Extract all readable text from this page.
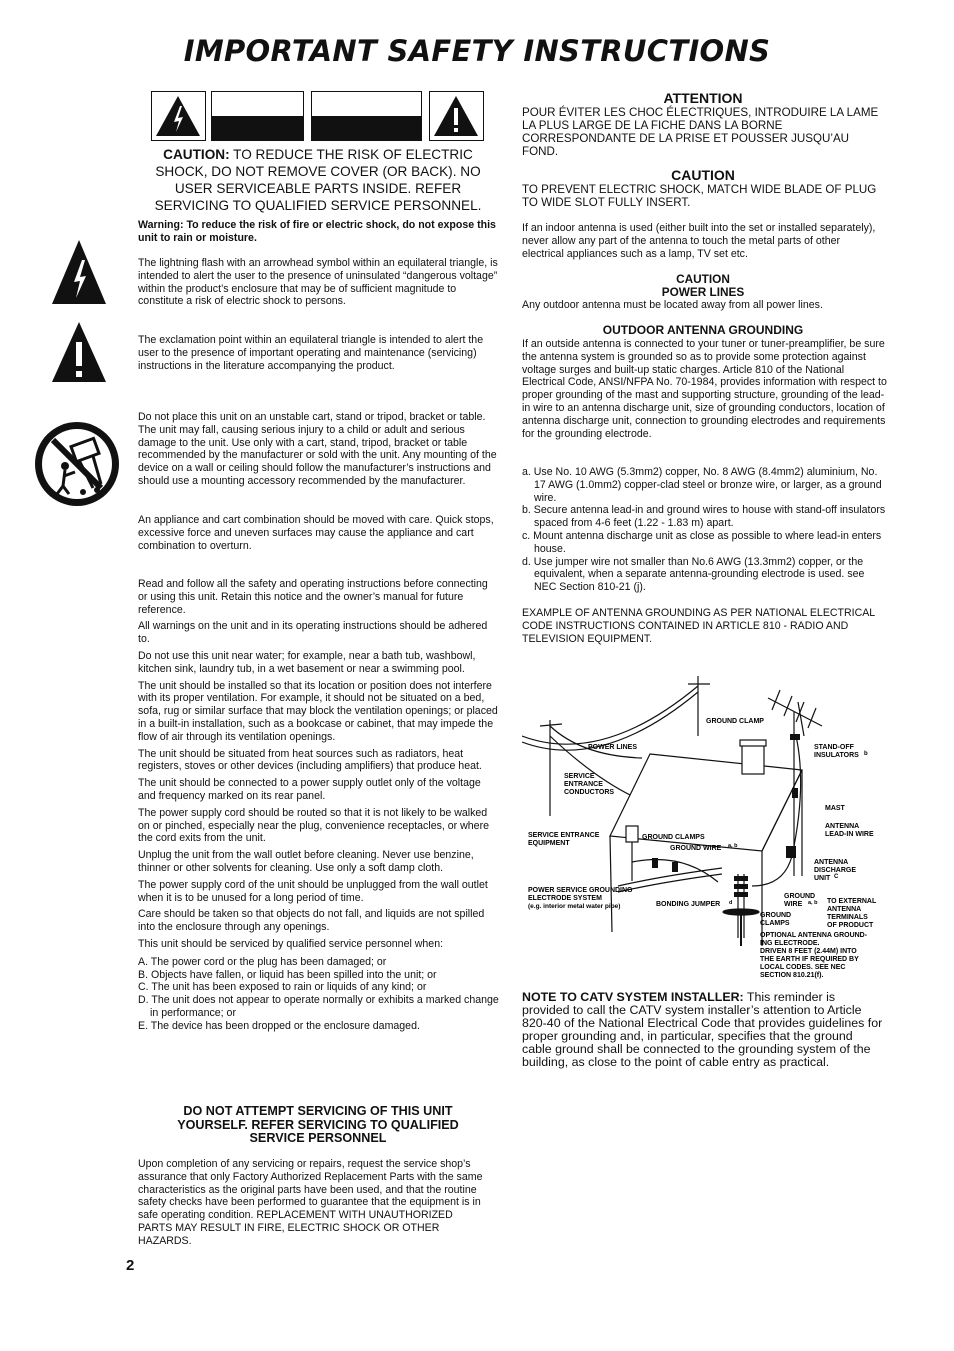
IMPORTANT SAFETY INSTRUCTIONS
CAUTION: TO REDUCE THE RISK OF ELECTRIC SHOCK, DO NOT REMOVE COVER (OR BACK). NO USER SERVICEABLE PARTS INSIDE. REFER SERVICING TO QUALIFIED SERVICE PERSONNEL.

Warning: To reduce the risk of fire or electric shock, do not expose this unit to rain or moisture.

The lightning flash with an arrowhead symbol within an equilateral triangle, is intended to alert the user to the presence of uninsulated “dangerous voltage” within the product’s enclosure that may be of sufficient magnitude to constitute a risk of electric shock to persons.

The exclamation point within an equilateral triangle is intended to alert the user to the presence of important operating and maintenance (servicing) instructions in the literature accompanying the product.

Do not place this unit on an unstable cart, stand or tripod, bracket or table. The unit may fall, causing serious injury to a child or adult and serious damage to the unit. Use only with a cart, stand, tripod, bracket or table recommended by the manufacturer or sold with the unit. Any mounting of the device on a wall or ceiling should follow the manufacturer’s instructions and should use a mounting accessory recommended by the manufacturer.

An appliance and cart combination should be moved with care. Quick stops, excessive force and uneven surfaces may cause the appliance and cart combination to overturn.

Read and follow all the safety and operating instructions before connecting or using this unit. Retain this notice and the owner’s manual for future reference.

All warnings on the unit and in its operating instructions should be adhered to.

Do not use this unit near water; for example, near a bath tub, washbowl, kitchen sink, laundry tub, in a wet basement or near a swimming pool.

The unit should be installed so that its location or position does not interfere with its proper ventilation. For example, it should not be situated on a bed, sofa, rug or similar surface that may block the ventilation openings; or placed in a built-in installation, such as a bookcase or cabinet, that may impede the flow of air through its ventilation openings.

The unit should be situated from heat sources such as radiators, heat registers, stoves or other devices (including amplifiers) that produce heat.

The unit should be connected to a power supply outlet only of the voltage and frequency marked on its rear panel.

The power supply cord should be routed so that it is not likely to be walked on or pinched, especially near the plug, convenience receptacles, or where the cord exits from the unit.

Unplug the unit from the wall outlet before cleaning. Never use benzine, thinner or other solvents for cleaning. Use only a soft damp cloth.

The power supply cord of the unit should be unplugged from the wall outlet when it is to be unused for a long period of time.

Care should be taken so that objects do not fall, and liquids are not spilled into the enclosure through any openings.

This unit should be serviced by qualified service personnel when:

A. The power cord or the plug has been damaged; or
B. Objects have fallen, or liquid has been spilled into the unit; or
C. The unit has been exposed to rain or liquids of any kind; or
D. The unit does not appear to operate normally or exhibits a marked change in performance; or
E. The device has been dropped or the enclosure damaged.

DO NOT ATTEMPT SERVICING OF THIS UNIT YOURSELF. REFER SERVICING TO QUALIFIED SERVICE PERSONNEL

Upon completion of any servicing or repairs, request the service shop’s assurance that only Factory Authorized Replacement Parts with the same characteristics as the original parts have been used, and that the routine safety checks have been performed to guarantee that the equipment is in safe operating condition. REPLACEMENT WITH UNAUTHORIZED PARTS MAY RESULT IN FIRE, ELECTRIC SHOCK OR OTHER HAZARDS.

2
ATTENTION

POUR ÉVITER LES CHOC ÉLECTRIQUES, INTRODUIRE LA LAME LA PLUS LARGE DE LA FICHE DANS LA BORNE CORRESPONDANTE DE LA PRISE ET POUSSER JUSQU’AU FOND.

CAUTION

TO PREVENT ELECTRIC SHOCK, MATCH WIDE BLADE OF PLUG TO WIDE SLOT FULLY INSERT.

If an indoor antenna is used (either built into the set or installed separately), never allow any part of the antenna to touch the metal parts of other electrical appliances such as a lamp, TV set etc.

CAUTION
POWER LINES

Any outdoor antenna must be located away from all power lines.

OUTDOOR ANTENNA GROUNDING

If an outside antenna is connected to your tuner or tuner-preamplifier, be sure the antenna system is grounded so as to provide some protection against voltage surges and built-up static charges. Article 810 of the National Electrical Code, ANSI/NFPA No. 70-1984, provides information with respect to proper grounding of the mast and supporting structure, grounding of the lead-in wire to an antenna discharge unit, size of grounding conductors, location of antenna discharge unit, connection to grounding electrodes and requirements for the grounding electrode.

a. Use No. 10 AWG (5.3mm2) copper, No. 8 AWG (8.4mm2) aluminium, No. 17 AWG (1.0mm2) copper-clad steel or bronze wire, or larger, as a ground wire.
b. Secure antenna lead-in and ground wires to house with stand-off insulators spaced from 4-6 feet (1.22 - 1.83 m) apart.
c. Mount antenna discharge unit as close as possible to where lead-in enters house.
d. Use jumper wire not smaller than No.6 AWG (13.3mm2) copper, or the equivalent, when a separate antenna-grounding electrode is used. see NEC Section 810-21 (j).

EXAMPLE OF ANTENNA GROUNDING AS PER NATIONAL ELECTRICAL CODE INSTRUCTIONS CONTAINED IN ARTICLE 810 - RADIO AND TELEVISION EQUIPMENT.

GROUND CLAMP
POWER LINES	STAND-OFF
INSULATORS b
SERVICE
ENTRANCE
CONDUCTORS
MAST
SERVICE ENTRANCE
EQUIPMENT
GROUND CLAMPS
GROUND WIRE a, b
ANTENNA
LEAD-IN WIRE
ANTENNA
DISCHARGE
UNIT C
POWER SERVICE GROUNDING
ELECTRODE SYSTEM
(e.g. interior metal water pipe)	BONDING JUMPER d
GROUND
WIRE a, b
GROUND
CLAMPS
TO EXTERNAL
ANTENNA
TERMINALS
OF PRODUCT
OPTIONAL ANTENNA GROUND-
ING ELECTRODE.
DRIVEN 8 FEET (2.44M) INTO
THE EARTH IF REQUIRED BY
LOCAL CODES. SEE NEC
SECTION 810.21(f).

NOTE TO CATV SYSTEM INSTALLER: This reminder is provided to call the CATV system installer’s attention to Article 820-40 of the National Electrical Code that provides guidelines for proper grounding and, in particular, specifies that the ground cable ground shall be connected to the grounding system of the building, as close to the point of cable entry as practical.
